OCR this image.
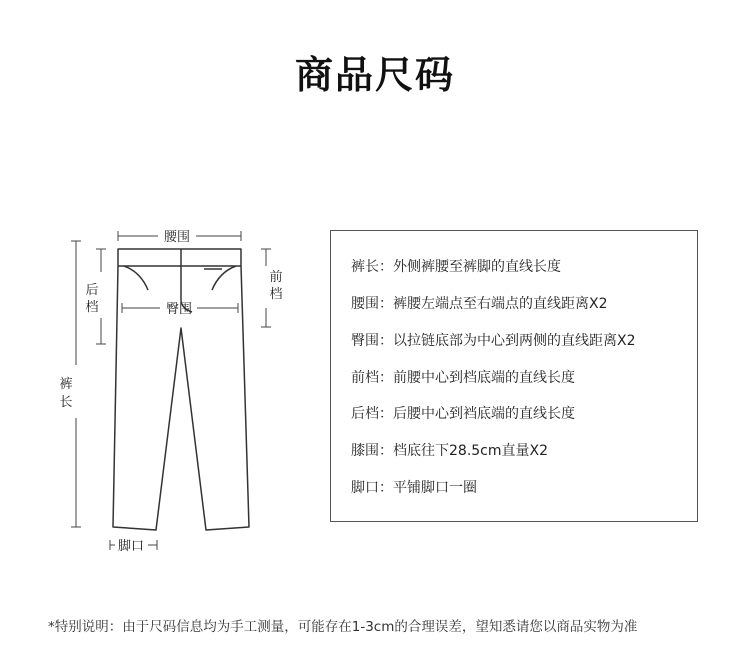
商品尺码
腰围
臀围
后
档
裤
长
前
档
脚口
裤长：外侧裤腰至裤脚的直线长度
腰围：裤腰左端点至右端点的直线距离X2
臀围：以拉链底部为中心到两侧的直线距离X2
前档：前腰中心到档底端的直线长度
后档：后腰中心到裆底端的直线长度
膝围：档底往下28.5cm直量X2
脚口：平铺脚口一圈
*特别说明：由于尺码信息均为手工测量，可能存在1-3cm的合理误差，望知悉请您以商品实物为准
